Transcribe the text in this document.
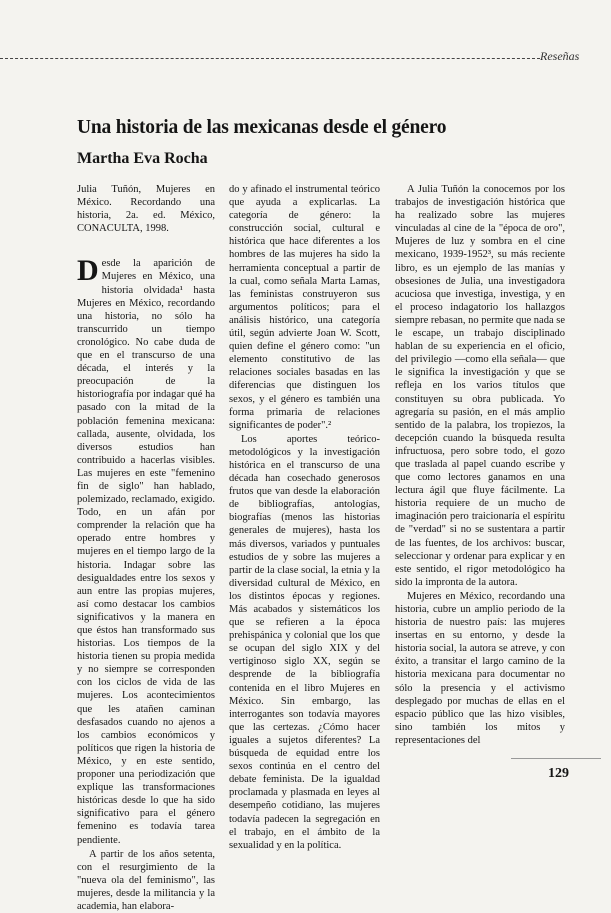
Reseñas
Una historia de las mexicanas desde el género
Martha Eva Rocha

Julia Tuñón, Mujeres en México. Recordando una historia, 2a. ed. México, CONACULTA, 1998.

Desde la aparición de Mujeres en México, una historia olvidada¹ hasta Mujeres en México, recordando una historia, no sólo ha transcurrido un tiempo cronológico. No cabe duda de que en el transcurso de una década, el interés y la preocupación de la historiografía por indagar qué ha pasado con la mitad de la población femenina mexicana: callada, ausente, olvidada, los diversos estudios han contribuido a hacerlas visibles. Las mujeres en este "femenino fin de siglo" han hablado, polemizado, reclamado, exigido. Todo, en un afán por comprender la relación que ha operado entre hombres y mujeres en el tiempo largo de la historia. Indagar sobre las desigualdades entre los sexos y aun entre las propias mujeres, así como destacar los cambios significativos y la manera en que éstos han transformado sus historias. Los tiempos de la historia tienen su propia medida y no siempre se corresponden con los ciclos de vida de las mujeres. Los acontecimientos que les atañen caminan desfasados cuando no ajenos a los cambios económicos y políticos que rigen la historia de México, y en este sentido, proponer una periodización que explique las transformaciones históricas desde lo que ha sido significativo para el género femenino es todavía tarea pendiente.

A partir de los años setenta, con el resurgimiento de la "nueva ola del feminismo", las mujeres, desde la militancia y la academia, han elabora-

do y afinado el instrumental teórico que ayuda a explicarlas. La categoría de género: la construcción social, cultural e histórica que hace diferentes a los hombres de las mujeres ha sido la herramienta conceptual a partir de la cual, como señala Marta Lamas, las feministas construyeron sus argumentos políticos; para el análisis histórico, una categoría útil, según advierte Joan W. Scott, quien define el género como: "un elemento constitutivo de las relaciones sociales basadas en las diferencias que distinguen los sexos, y el género es también una forma primaria de relaciones significantes de poder".²

Los aportes teórico-metodológicos y la investigación histórica en el transcurso de una década han cosechado generosos frutos que van desde la elaboración de bibliografías, antologías, biografías (menos las historias generales de mujeres), hasta los más diversos, variados y puntuales estudios de y sobre las mujeres a partir de la clase social, la etnia y la diversidad cultural de México, en los distintos épocas y regiones. Más acabados y sistemáticos los que se refieren a la época prehispánica y colonial que los que se ocupan del siglo XIX y del vertiginoso siglo XX, según se desprende de la bibliografía contenida en el libro Mujeres en México. Sin embargo, las interrogantes son todavía mayores que las certezas. ¿Cómo hacer iguales a sujetos diferentes? La búsqueda de equidad entre los sexos continúa en el centro del debate feminista. De la igualdad proclamada y plasmada en leyes al desempeño cotidiano, las mujeres todavía padecen la segregación en el trabajo, en el ámbito de la sexualidad y en la política.

A Julia Tuñón la conocemos por los trabajos de investigación histórica que ha realizado sobre las mujeres vinculadas al cine de la "época de oro", Mujeres de luz y sombra en el cine mexicano, 1939-1952³, su más reciente libro, es un ejemplo de las manías y obsesiones de Julia, una investigadora acuciosa que investiga, investiga, y en el proceso indagatorio los hallazgos siempre rebasan, no permite que nada se le escape, un trabajo disciplinado hablan de su experiencia en el oficio, del privilegio —como ella señala— que le significa la investigación y que se refleja en los varios títulos que constituyen su obra publicada. Yo agregaría su pasión, en el más amplio sentido de la palabra, los tropiezos, la decepción cuando la búsqueda resulta infructuosa, pero sobre todo, el gozo que traslada al papel cuando escribe y que como lectores ganamos en una lectura ágil que fluye fácilmente. La historia requiere de un mucho de imaginación pero traicionaría el espíritu de "verdad" si no se sustentara a partir de las fuentes, de los archivos: buscar, seleccionar y ordenar para explicar y en este sentido, el rigor metodológico ha sido la impronta de la autora.

Mujeres en México, recordando una historia, cubre un amplio periodo de la historia de nuestro país: las mujeres insertas en su entorno, y desde la historia social, la autora se atreve, y con éxito, a transitar el largo camino de la historia mexicana para documentar no sólo la presencia y el activismo desplegado por muchas de ellas en el espacio público que las hizo visibles, sino también los mitos y representaciones del

129
